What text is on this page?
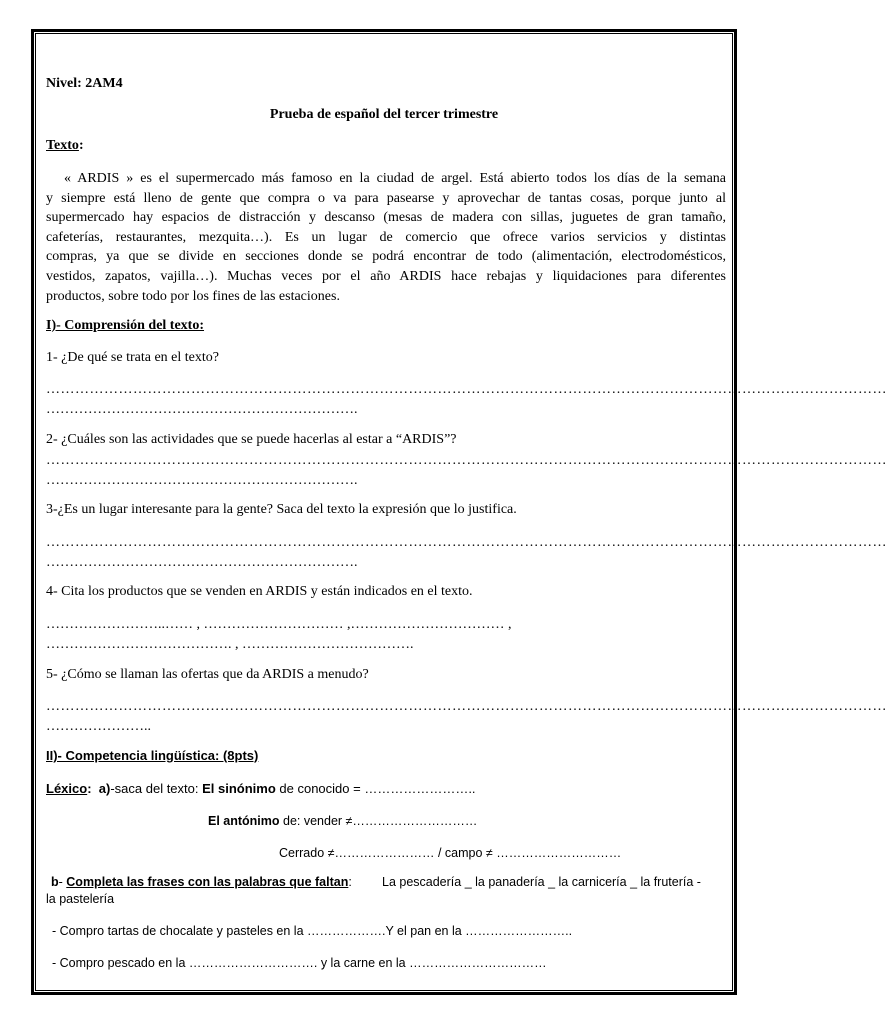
Nivel: 2AM4
Prueba de español del tercer trimestre
Texto:
« ARDIS » es el supermercado más famoso en la ciudad de argel. Está abierto todos los días de la semana
y siempre está lleno de gente que compra o va para pasearse y aprovechar de tantas cosas, porque junto al
supermercado hay espacios de distracción y descanso (mesas de madera con sillas, juguetes de gran tamaño,
cafeterías, restaurantes, mezquita…). Es un lugar de comercio que ofrece varios servicios y distintas
compras, ya que se divide en secciones donde se podrá encontrar de todo (alimentación, electrodomésticos,
vestidos, zapatos, vajilla…). Muchas veces por el año ARDIS hace rebajas y liquidaciones para diferentes
productos, sobre todo por los fines de las estaciones.
I)- Comprensión del texto:
1- ¿De qué se trata en el texto?
…………………………………………………………………………………………………………………………………………………………
………………………………………………………….
2- ¿Cuáles son las actividades que se puede hacerlas al estar a “ARDIS”?
…………………………………………………………………………………………………………………………………………………………
………………………………………………………….
3-¿Es un lugar interesante para la gente? Saca del texto la expresión que lo justifica.
…………………………………………………………………………………………………………………………………………………………
………………………………………………………….
4- Cita los productos que se venden en ARDIS y están indicados en el texto.
……………………..…… , ………………………… ,…………………………… ,
…………………………………. , ……………………………….
5- ¿Cómo se llaman las ofertas que da ARDIS a menudo?
…………………………………………………………………………………………………………………………………………………………
…………………..
II)- Competencia lingüística: (8pts)
Léxico: a)-saca del texto: El sinónimo de conocido = ……………………..
El antónimo de: vender ≠…………………………
Cerrado ≠…………………… / campo ≠ …………………………
b- Completa las frases con las palabras que faltan: La pescadería _ la panadería _ la carnicería _ la frutería -
la pastelería
- Compro tartas de chocalate y pasteles en la ……………….Y el pan en la ……………………..
- Compro pescado en la …………………………. y la carne en la ……………………………
